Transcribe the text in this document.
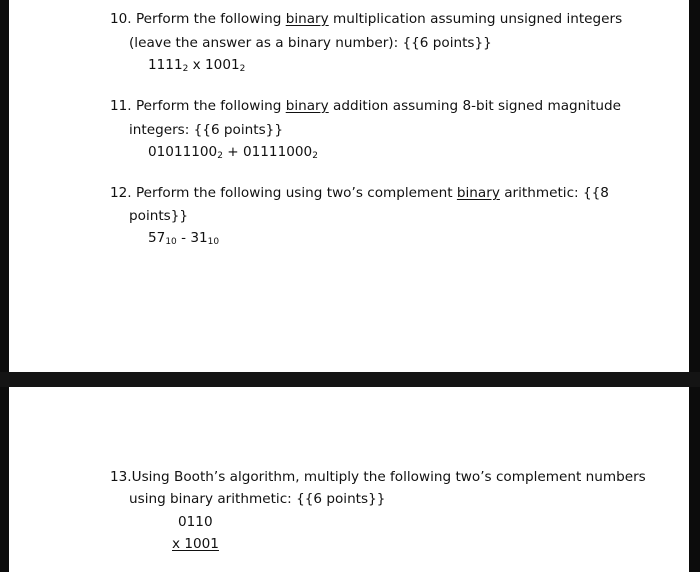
10. Perform the following binary multiplication assuming unsigned integers
(leave the answer as a binary number): {{6 points}}
$1111_2$ x $1001_2$
11. Perform the following binary addition assuming 8-bit signed magnitude
integers: {{6 points}}
$01011100_2 + 01111000_2$
12. Perform the following using two’s complement binary arithmetic: {{8
points}}
$57_{10} - 31_{10}$
13.Using Booth’s algorithm, multiply the following two’s complement numbers
using binary arithmetic: {{6 points}}
0110
x 1001
